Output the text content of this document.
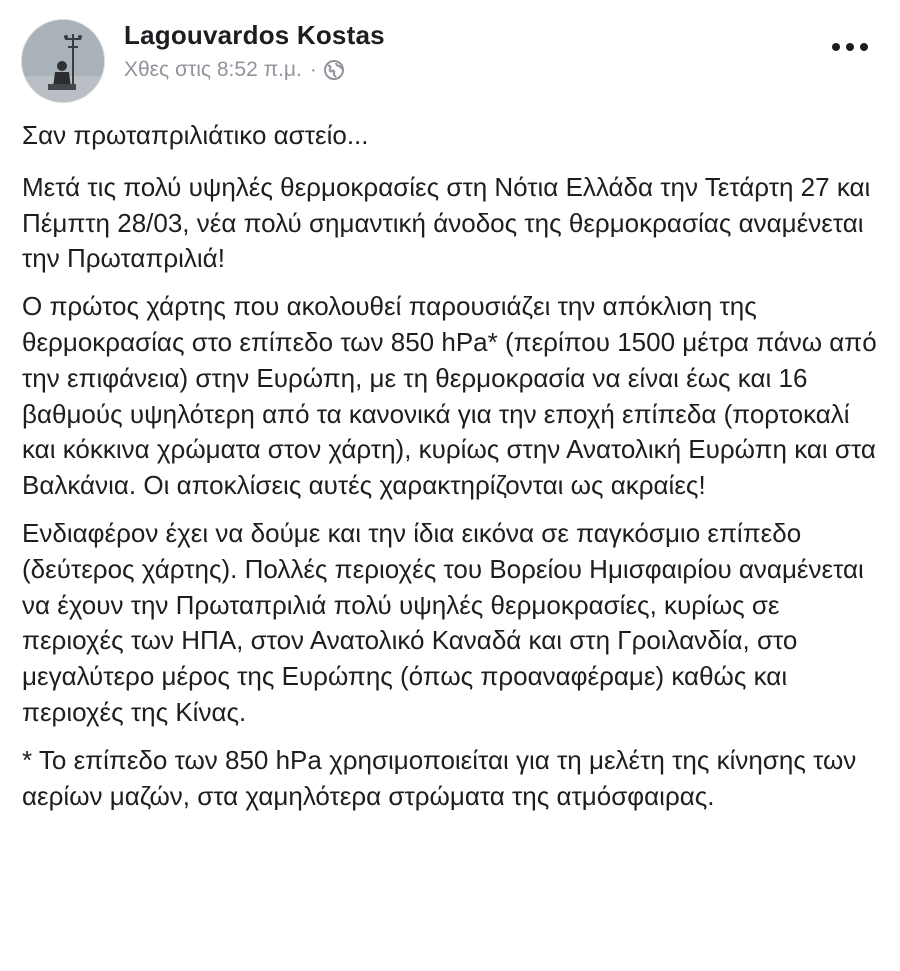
Lagouvardos Kostas
Χθες στις 8:52 π.μ. ·

Σαν πρωταπριλιάτικο αστείο...

Μετά τις πολύ υψηλές θερμοκρασίες στη Νότια Ελλάδα την Τετάρτη 27 και Πέμπτη 28/03, νέα πολύ σημαντική άνοδος της θερμοκρασίας αναμένεται την Πρωταπριλιά!

Ο πρώτος χάρτης που ακολουθεί παρουσιάζει την απόκλιση της θερμοκρασίας στο επίπεδο των 850 hPa* (περίπου 1500 μέτρα πάνω από την επιφάνεια) στην Ευρώπη, με τη θερμοκρασία να είναι έως και 16 βαθμούς υψηλότερη από τα κανονικά για την εποχή επίπεδα (πορτοκαλί και κόκκινα χρώματα στον χάρτη), κυρίως στην Ανατολική Ευρώπη και στα Βαλκάνια. Οι αποκλίσεις αυτές χαρακτηρίζονται ως ακραίες!

Ενδιαφέρον έχει να δούμε και την ίδια εικόνα σε παγκόσμιο επίπεδο (δεύτερος χάρτης). Πολλές περιοχές του Βορείου Ημισφαιρίου αναμένεται να έχουν την Πρωταπριλιά πολύ υψηλές θερμοκρασίες, κυρίως σε περιοχές των ΗΠΑ, στον Ανατολικό Καναδά και στη Γροιλανδία, στο μεγαλύτερο μέρος της Ευρώπης (όπως προαναφέραμε) καθώς και περιοχές της Κίνας.

* Το επίπεδο των 850 hPa χρησιμοποιείται για τη μελέτη της κίνησης των αερίων μαζών, στα χαμηλότερα στρώματα της ατμόσφαιρας.
